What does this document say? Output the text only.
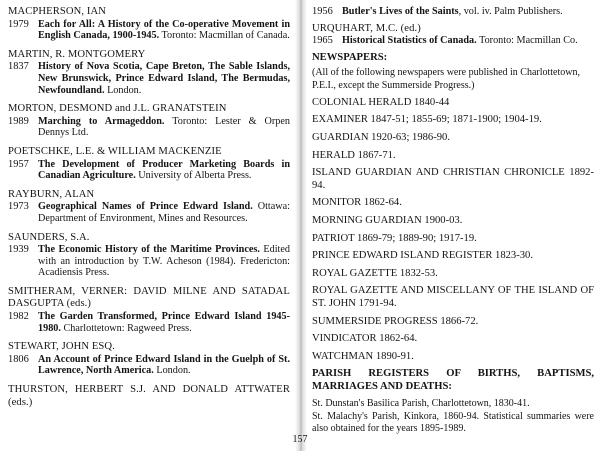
MACPHERSON, IAN
1979 Each for All: A History of the Co-operative Movement in English Canada, 1900-1945. Toronto: Macmillan of Canada.
MARTIN, R. MONTGOMERY
1837 History of Nova Scotia, Cape Breton, The Sable Islands, New Brunswick, Prince Edward Island, The Bermudas, Newfoundland. London.
MORTON, DESMOND and J.L. GRANATSTEIN
1989 Marching to Armageddon. Toronto: Lester & Orpen Dennys Ltd.
POETSCHKE, L.E. & WILLIAM MACKENZIE
1957 The Development of Producer Marketing Boards in Canadian Agriculture. University of Alberta Press.
RAYBURN, ALAN
1973 Geographical Names of Prince Edward Island. Ottawa: Department of Environment, Mines and Resources.
SAUNDERS, S.A.
1939 The Economic History of the Maritime Provinces. Edited with an introduction by T.W. Acheson (1984). Fredericton: Acadiensis Press.
SMITHERAM, VERNER: DAVID MILNE AND SATADAL DASGUPTA (eds.)
1982 The Garden Transformed, Prince Edward Island 1945-1980. Charlottetown: Ragweed Press.
STEWART, JOHN ESQ.
1806 An Account of Prince Edward Island in the Guelph of St. Lawrence, North America. London.
THURSTON, HERBERT S.J. AND DONALD ATTWATER (eds.)
1956 Butler's Lives of the Saints, vol. iv. Palm Publishers.
URQUHART, M.C. (ed.)
1965 Historical Statistics of Canada. Toronto: Macmillan Co.
NEWSPAPERS:
(All of the following newspapers were published in Charlottetown, P.E.I., except the Summerside Progress.)
COLONIAL HERALD 1840-44
EXAMINER 1847-51; 1855-69; 1871-1900; 1904-19.
GUARDIAN 1920-63; 1986-90.
HERALD 1867-71.
ISLAND GUARDIAN AND CHRISTIAN CHRONICLE 1892-94.
MONITOR 1862-64.
MORNING GUARDIAN 1900-03.
PATRIOT 1869-79; 1889-90; 1917-19.
PRINCE EDWARD ISLAND REGISTER 1823-30.
ROYAL GAZETTE 1832-53.
ROYAL GAZETTE AND MISCELLANY OF THE ISLAND OF ST. JOHN 1791-94.
SUMMERSIDE PROGRESS 1866-72.
VINDICATOR 1862-64.
WATCHMAN 1890-91.
PARISH REGISTERS OF BIRTHS, BAPTISMS, MARRIAGES AND DEATHS:
St. Dunstan's Basilica Parish, Charlottetown, 1830-41.
St. Malachy's Parish, Kinkora, 1860-94. Statistical summaries were also obtained for the years 1895-1989.
157
